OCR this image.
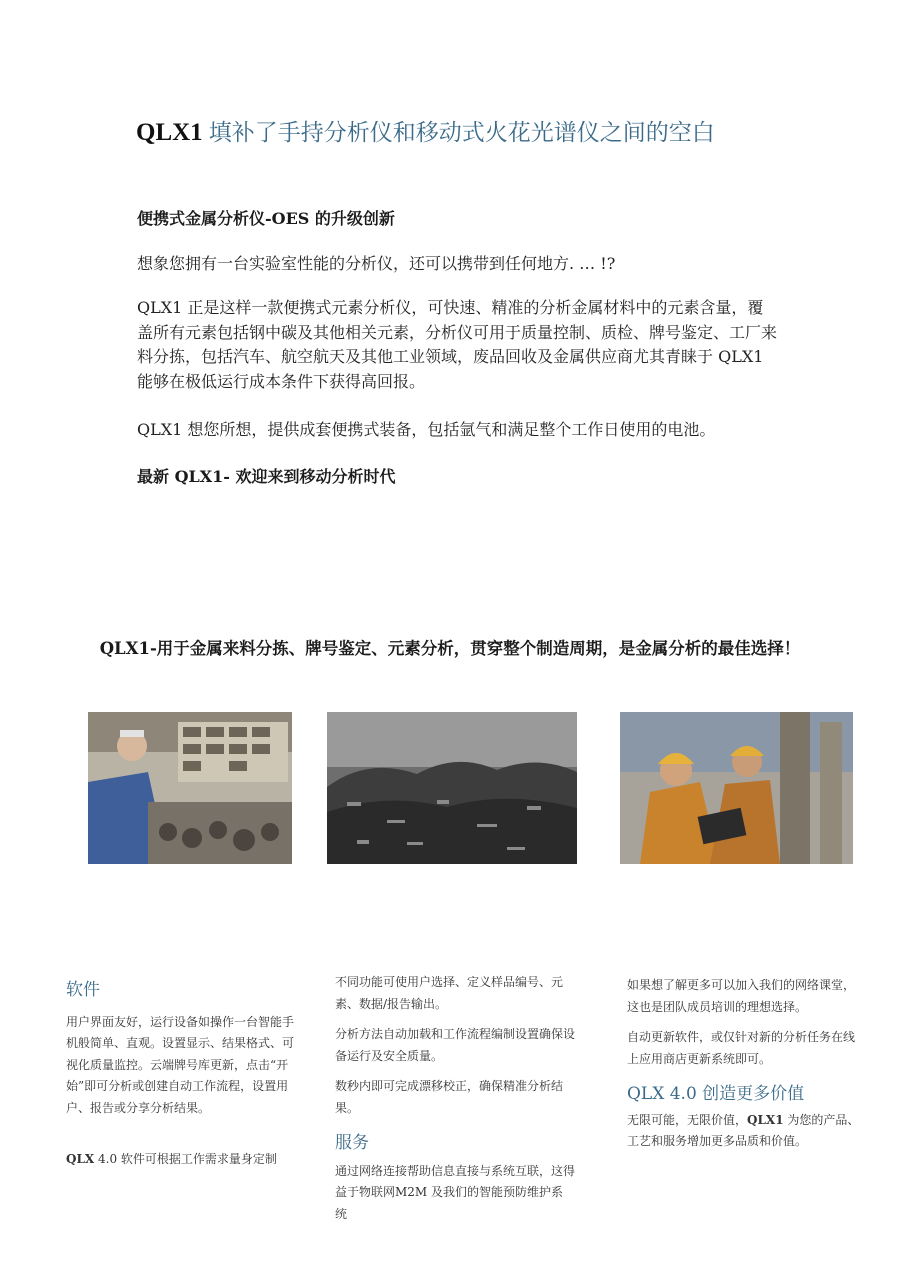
QLX1 填补了手持分析仪和移动式火花光谱仪之间的空白
便携式金属分析仪-OES 的升级创新
想象您拥有一台实验室性能的分析仪，还可以携带到任何地方. … !?
QLX1 正是这样一款便携式元素分析仪，可快速、精准的分析金属材料中的元素含量，覆盖所有元素包括钢中碳及其他相关元素，分析仪可用于质量控制、质检、牌号鉴定、工厂来料分拣，包括汽车、航空航天及其他工业领域，废品回收及金属供应商尤其青睐于 QLX1 能够在极低运行成本条件下获得高回报。
QLX1 想您所想，提供成套便携式装备，包括氩气和满足整个工作日使用的电池。
最新 QLX1- 欢迎来到移动分析时代
QLX1-用于金属来料分拣、牌号鉴定、元素分析，贯穿整个制造周期，是金属分析的最佳选择！
软件

用户界面友好，运行设备如操作一台智能手机般简单、直观。设置显示、结果格式、可视化质量监控。云端牌号库更新，点击“开始”即可分析或创建自动工作流程，设置用户、报告或分享分析结果。

QLX 4.0 软件可根据工作需求量身定制

不同功能可使用户选择、定义样品编号、元素、数据/报告输出。

分析方法自动加载和工作流程编制设置确保设备运行及安全质量。

数秒内即可完成漂移校正，确保精准分析结果。

服务

通过网络连接帮助信息直接与系统互联，这得益于物联网M2M 及我们的智能预防维护系统

如果想了解更多可以加入我们的网络课堂，这也是团队成员培训的理想选择。

自动更新软件，或仅针对新的分析任务在线上应用商店更新系统即可。

QLX 4.0 创造更多价值

无限可能，无限价值，QLX1 为您的产品、工艺和服务增加更多品质和价值。
